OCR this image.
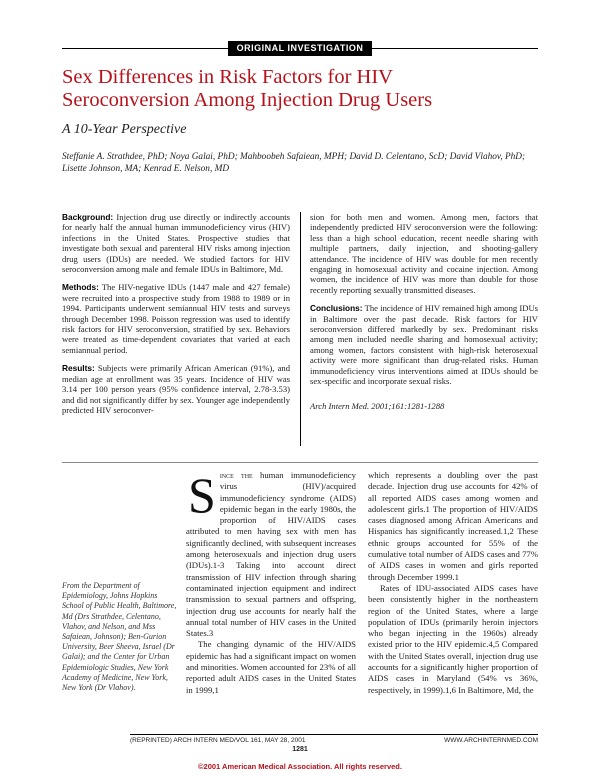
ORIGINAL INVESTIGATION
Sex Differences in Risk Factors for HIV
Seroconversion Among Injection Drug Users
A 10-Year Perspective
Steffanie A. Strathdee, PhD; Noya Galai, PhD; Mahboobeh Safaiean, MPH; David D. Celentano, ScD; David Vlahov, PhD; Lisette Johnson, MA; Kenrad E. Nelson, MD

Background: Injection drug use directly or indirectly accounts for nearly half the annual human immunodeficiency virus (HIV) infections in the United States. Prospective studies that investigate both sexual and parenteral HIV risks among injection drug users (IDUs) are needed. We studied factors for HIV seroconversion among male and female IDUs in Baltimore, Md.

Methods: The HIV-negative IDUs (1447 male and 427 female) were recruited into a prospective study from 1988 to 1989 or in 1994. Participants underwent semiannual HIV tests and surveys through December 1998. Poisson regression was used to identify risk factors for HIV seroconversion, stratified by sex. Behaviors were treated as time-dependent covariates that varied at each semiannual period.

Results: Subjects were primarily African American (91%), and median age at enrollment was 35 years. Incidence of HIV was 3.14 per 100 person years (95% confidence interval, 2.78-3.53) and did not significantly differ by sex. Younger age independently predicted HIV seroconver-

sion for both men and women. Among men, factors that independently predicted HIV seroconversion were the following: less than a high school education, recent needle sharing with multiple partners, daily injection, and shooting-gallery attendance. The incidence of HIV was double for men recently engaging in homosexual activity and cocaine injection. Among women, the incidence of HIV was more than double for those recently reporting sexually transmitted diseases.

Conclusions: The incidence of HIV remained high among IDUs in Baltimore over the past decade. Risk factors for HIV seroconversion differed markedly by sex. Predominant risks among men included needle sharing and homosexual activity; among women, factors consistent with high-risk heterosexual activity were more significant than drug-related risks. Human immunodeficiency virus interventions aimed at IDUs should be sex-specific and incorporate sexual risks.

Arch Intern Med. 2001;161:1281-1288

From the Department of Epidemiology, Johns Hopkins School of Public Health, Baltimore, Md (Drs Strathdee, Celentano, Vlahov, and Nelson, and Mss Safaiean, Johnson); Ben-Gurion University, Beer Sheeva, Israel (Dr Galai); and the Center for Urban Epidemiologic Studies, New York Academy of Medicine, New York, New York (Dr Vlahov).

Since the human immunodeficiency virus (HIV)/acquired immunodeficiency syndrome (AIDS) epidemic began in the early 1980s, the proportion of HIV/AIDS cases attributed to men having sex with men has significantly declined, with subsequent increases among heterosexuals and injection drug users (IDUs).1-3 Taking into account direct transmission of HIV infection through sharing contaminated injection equipment and indirect transmission to sexual partners and offspring, injection drug use accounts for nearly half the annual total number of HIV cases in the United States.3

The changing dynamic of the HIV/AIDS epidemic has had a significant impact on women and minorities. Women accounted for 23% of all reported adult AIDS cases in the United States in 1999,1

which represents a doubling over the past decade. Injection drug use accounts for 42% of all reported AIDS cases among women and adolescent girls.1 The proportion of HIV/AIDS cases diagnosed among African Americans and Hispanics has significantly increased.1,2 These ethnic groups accounted for 55% of the cumulative total number of AIDS cases and 77% of AIDS cases in women and girls reported through December 1999.1

Rates of IDU-associated AIDS cases have been consistently higher in the northeastern region of the United States, where a large population of IDUs (primarily heroin injectors who began injecting in the 1960s) already existed prior to the HIV epidemic.4,5 Compared with the United States overall, injection drug use accounts for a significantly higher proportion of AIDS cases in Maryland (54% vs 36%, respectively, in 1999).1,6 In Baltimore, Md, the

(REPRINTED) ARCH INTERN MED/VOL 161, MAY 28, 2001	WWW.ARCHINTERNMED.COM
1281
©2001 American Medical Association. All rights reserved.
